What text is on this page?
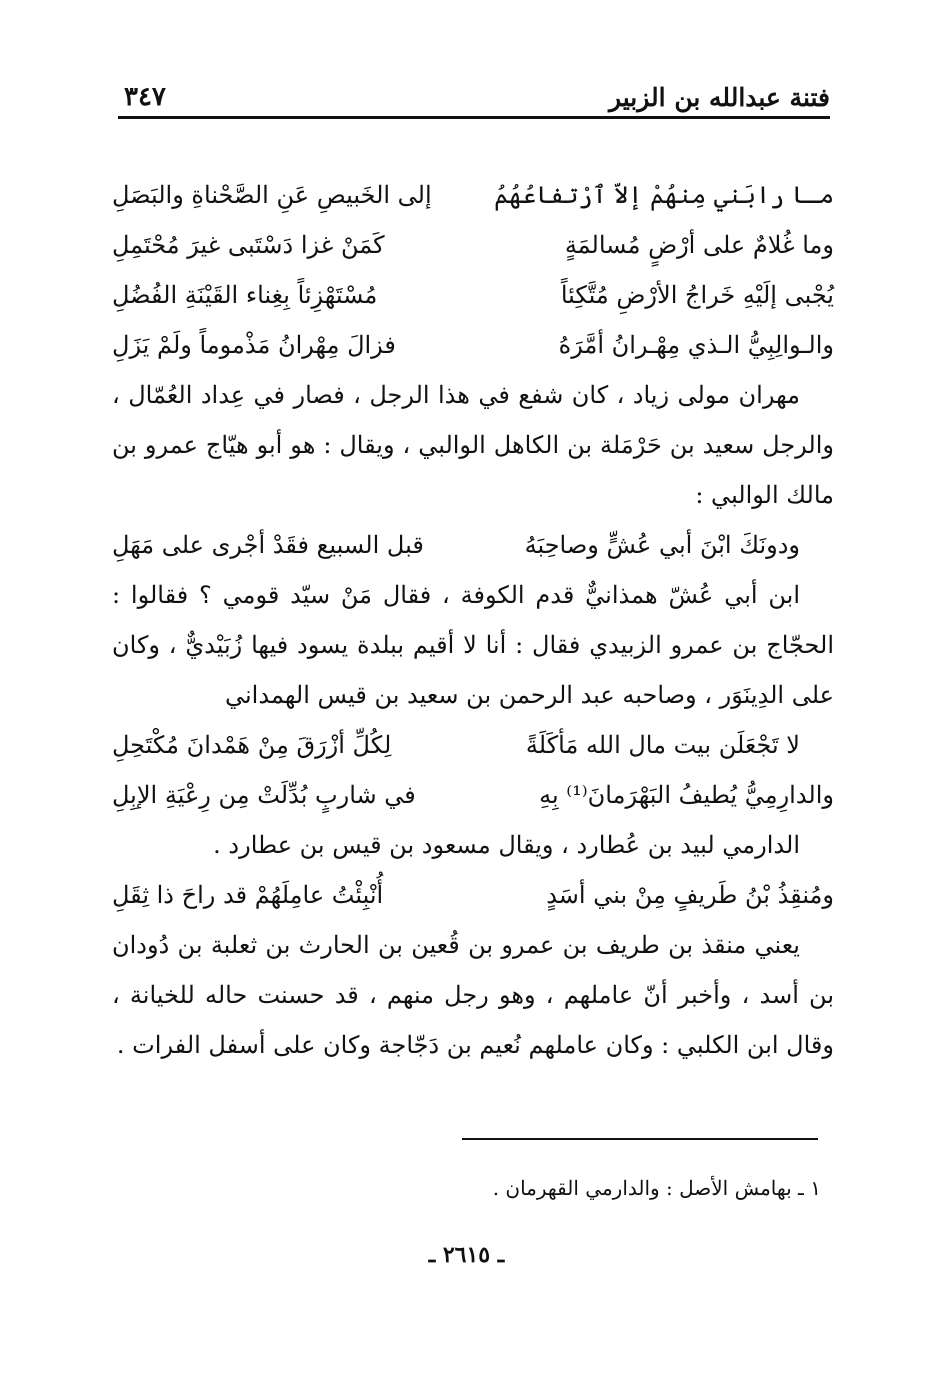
فتنة عبدالله بن الزبير
٣٤٧
مـا رابَني مِنهُمْ إلاّ ٱرْتفاعُهُمُ
إلى الخَبيصِ عَنِ الصَّحْناةِ والبَصَلِ
وما غُلامٌ على أرْضٍ مُسالمَةٍ
كَمَنْ غزا دَسْتَبى غيرَ مُحْتَمِلِ
يُجْبى إلَيْهِ خَراجُ الأرْضِ مُتَّكِئاً
مُسْتَهْزِئاً بِغِناء القَيْنَةِ الفُضُلِ
والـوالِبِيُّ الـذي مِهْـرانُ أمَّرَهُ
فزالَ مِهْرانُ مَذْموماً ولَمْ يَزَلِ

مهران مولى زياد ، كان شفع في هذا الرجل ، فصار في عِداد العُمّال ، والرجل سعيد بن حَرْمَلة بن الكاهل الوالبي ، ويقال : هو أبو هيّاج عمرو بن مالك الوالبي :

ودونَكَ ابْنَ أبي عُشٍّ وصاحِبَهُ
قبل السبيع فقَدْ أجْرى على مَهَلِ

ابن أبي عُشّ همذانيٌّ قدم الكوفة ، فقال مَنْ سيّد قومي ؟ فقالوا : الحجّاج بن عمرو الزبيدي فقال : أنا لا أقيم ببلدة يسود فيها زُبَيْديٌّ ، وكان على الدِينَوَر ، وصاحبه عبد الرحمن بن سعيد بن قيس الهمداني

لا تَجْعَلَن بيت مال الله مَأكَلَةً
لِكُلِّ أزْرَقَ مِنْ هَمْدانَ مُكْتَحِلِ
والدارِمِيُّ يُطيفُ البَهْرَمانَ⁽¹⁾ بِهِ
في شاربٍ بُدِّلَتْ مِن رِعْيَةِ الإبِلِ

الدارمي لبيد بن عُطارد ، ويقال مسعود بن قيس بن عطارد .

ومُنقِذُ بْنُ طَريفٍ مِنْ بني أسَدٍ
أُنْبِئْتُ عامِلَهُمْ قد راحَ ذا ثِقَلِ

يعني منقذ بن طريف بن عمرو بن قُعين بن الحارث بن ثعلبة بن دُودان بن أسد ، وأخبر أنّ عاملهم ، وهو رجل منهم ، قد حسنت حاله للخيانة ، وقال ابن الكلبي : وكان عاملهم نُعيم بن دَجّاجة وكان على أسفل الفرات .

١ ـ بهامش الأصل : والدارمي القهرمان .
ـ ٢٦١٥ ـ
